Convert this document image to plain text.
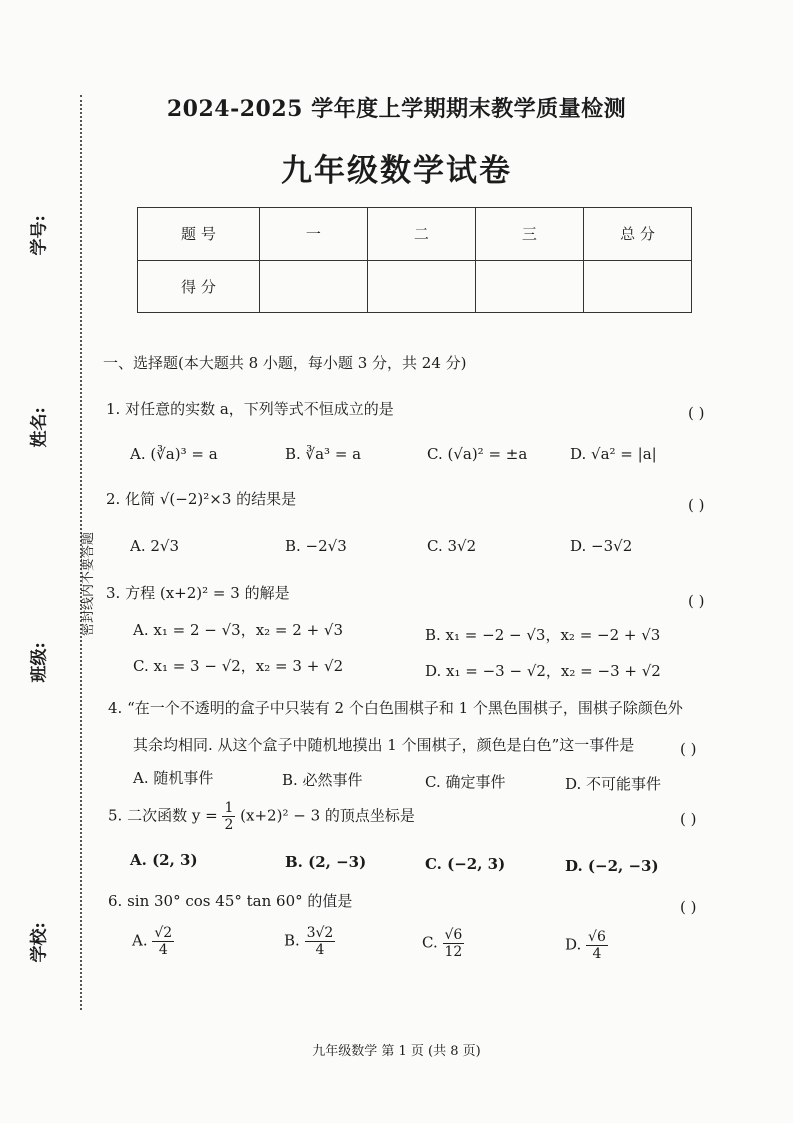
学号:
姓名:
班级:
学校:
密封线内不要答题
2024-2025 学年度上学期期末教学质量检测
九年级数学试卷
题 号	一	二	三	总 分
得 分				
一、选择题(本大题共 8 小题，每小题 3 分，共 24 分)
1. 对任意的实数 a，下列等式不恒成立的是	( )
A. (∛a)³ = a	B. ∛a³ = a	C. (√a)² = ±a	D. √a² = |a|
2. 化简 √(−2)²×3 的结果是	( )
A. 2√3	B. −2√3	C. 3√2	D. −3√2
3. 方程 (x+2)² = 3 的解是	( )
A. x₁ = 2 − √3，x₂ = 2 + √3	B. x₁ = −2 − √3，x₂ = −2 + √3
C. x₁ = 3 − √2，x₂ = 3 + √2	D. x₁ = −3 − √2，x₂ = −3 + √2
4. “在一个不透明的盒子中只装有 2 个白色围棋子和 1 个黑色围棋子，围棋子除颜色外
其余均相同. 从这个盒子中随机地摸出 1 个围棋子，颜色是白色”这一事件是	( )
A. 随机事件	B. 必然事件	C. 确定事件	D. 不可能事件
5. 二次函数 $y = \frac{1}{2} (x+2)^2 - 3$ 的顶点坐标是	( )
A. (2, 3)	B. (2, −3)	C. (−2, 3)	D. (−2, −3)
6. sin 30° cos 45° tan 60° 的值是	( )
A. $\frac{√2}{4}$	B. $\frac{3√2}{4}$	C. $\frac{√6}{12}$	D. $\frac{√6}{4}$
九年级数学 第 1 页 (共 8 页)
